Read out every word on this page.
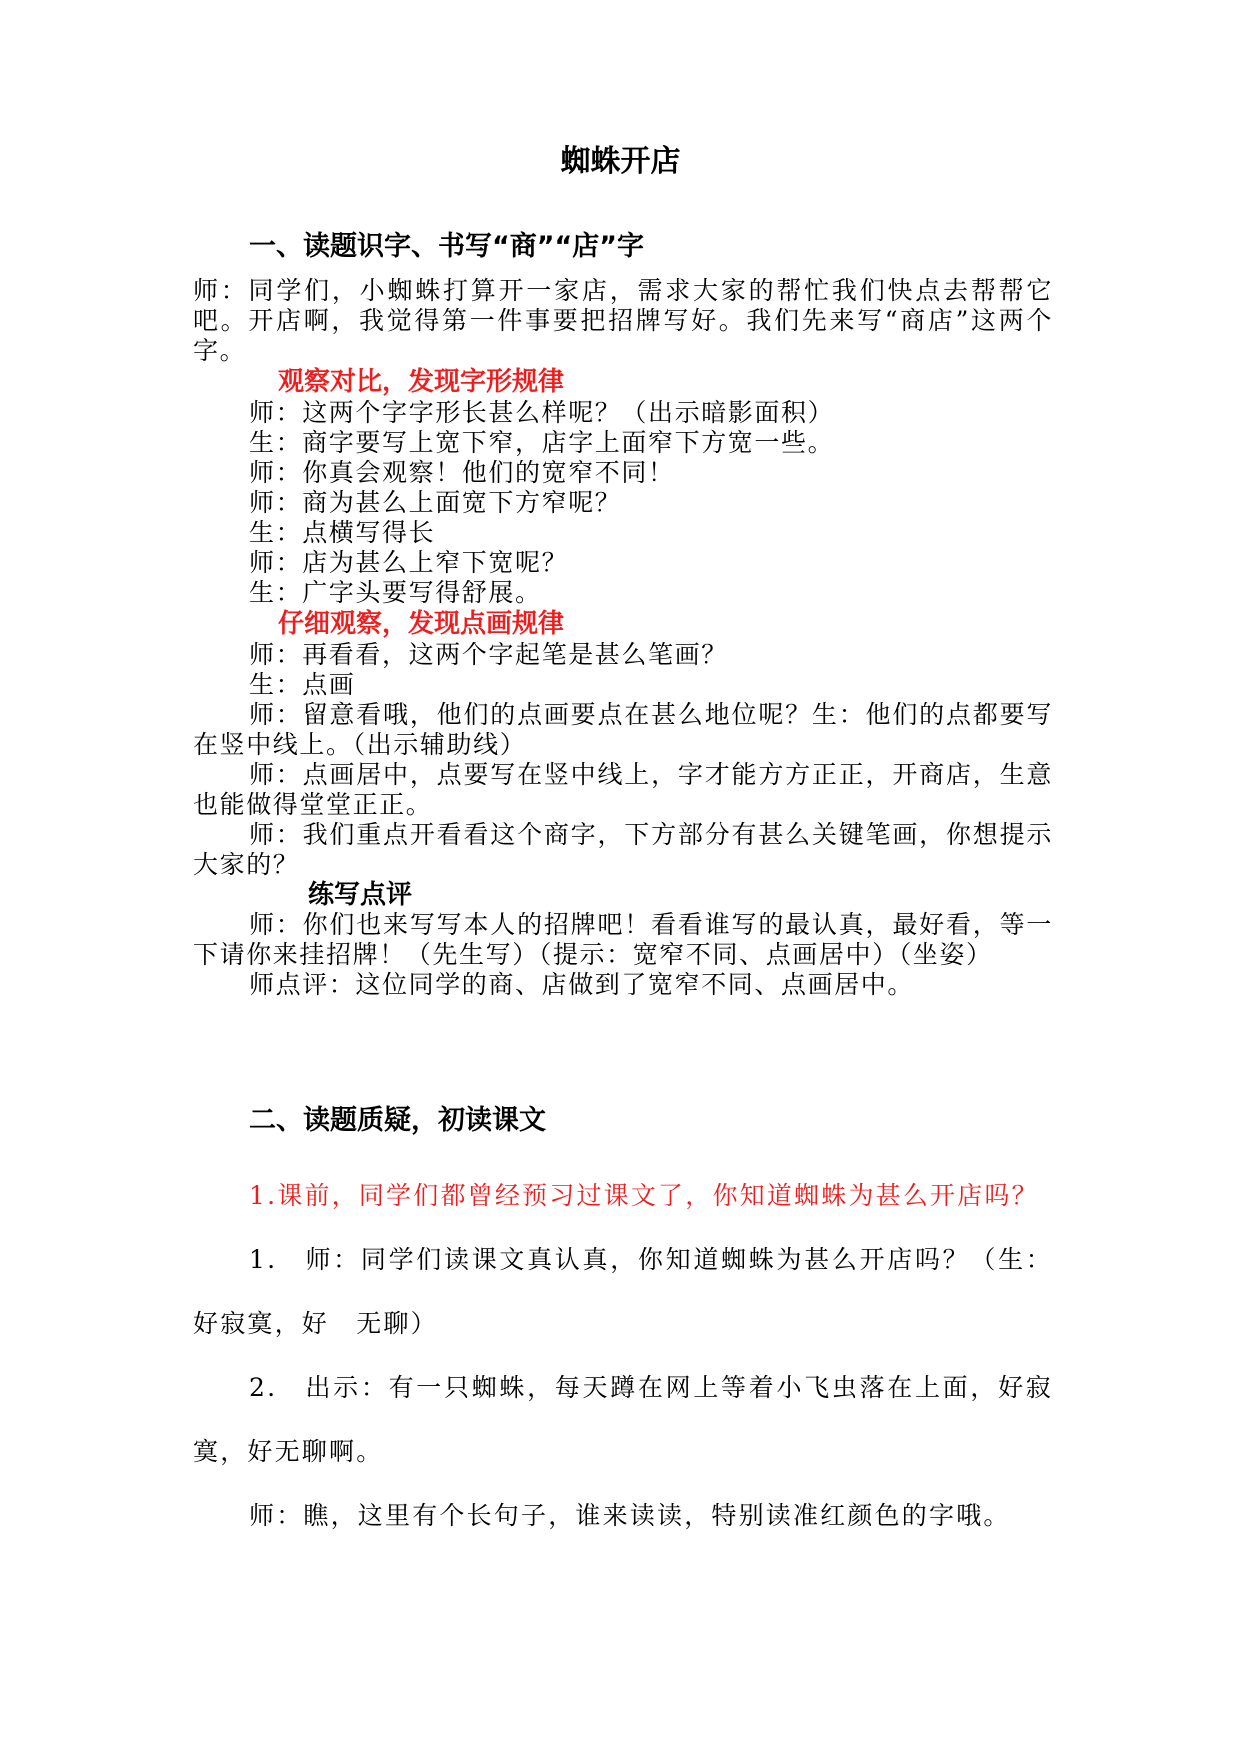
蜘蛛开店
一、读题识字、书写“商”“店”字

师：同学们，小蜘蛛打算开一家店，需求大家的帮忙我们快点去帮帮它吧。开店啊，我觉得第一件事要把招牌写好。我们先来写“商店”这两个字。

观察对比，发现字形规律

师：这两个字字形长甚么样呢？（出示暗影面积）

生：商字要写上宽下窄，店字上面窄下方宽一些。

师：你真会观察！他们的宽窄不同！

师：商为甚么上面宽下方窄呢？

生：点横写得长

师：店为甚么上窄下宽呢？

生：广字头要写得舒展。

仔细观察，发现点画规律

师：再看看，这两个字起笔是甚么笔画？

生：点画

师：留意看哦，他们的点画要点在甚么地位呢？生：他们的点都要写在竖中线上。（出示辅助线）

师：点画居中，点要写在竖中线上，字才能方方正正，开商店，生意也能做得堂堂正正。

师：我们重点开看看这个商字，下方部分有甚么关键笔画，你想提示大家的？

练写点评

师：你们也来写写本人的招牌吧！看看谁写的最认真，最好看，等一下请你来挂招牌！（先生写）（提示：宽窄不同、点画居中）（坐姿）

师点评：这位同学的商、店做到了宽窄不同、点画居中。

二、读题质疑，初读课文

1.课前，同学们都曾经预习过课文了，你知道蜘蛛为甚么开店吗？

1.　师：同学们读课文真认真，你知道蜘蛛为甚么开店吗？（生：好寂寞，好　无聊）

2.　出示：有一只蜘蛛，每天蹲在网上等着小飞虫落在上面，好寂寞，好无聊啊。

师：瞧，这里有个长句子，谁来读读，特别读准红颜色的字哦。
